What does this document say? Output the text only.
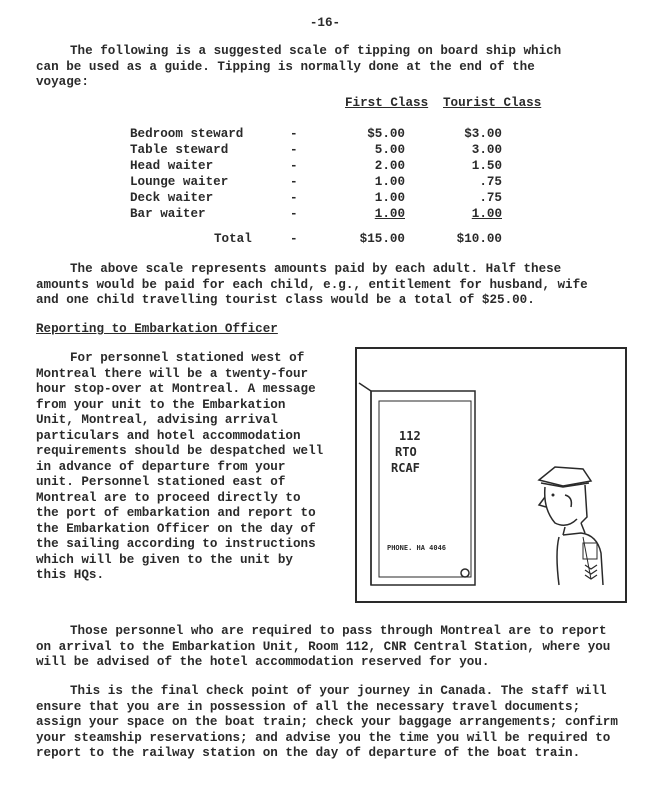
-16-
The following is a suggested scale of tipping on board ship which can be used as a guide. Tipping is normally done at the end of the voyage:
First Class Tourist Class
Bedroom steward	-	$5.00	$3.00
Table steward	-	5.00	3.00
Head waiter	-	2.00	1.50
Lounge waiter	-	1.00	.75
Deck waiter	-	1.00	.75
Bar waiter	-	1.00	1.00
Total	-	$15.00	$10.00
The above scale represents amounts paid by each adult. Half these amounts would be paid for each child, e.g., entitlement for husband, wife and one child travelling tourist class would be a total of $25.00.
Reporting to Embarkation Officer
For personnel stationed west of Montreal there will be a twenty-four hour stop-over at Montreal. A message from your unit to the Embarkation Unit, Montreal, advising arrival particulars and hotel accommodation requirements should be despatched well in advance of departure from your unit. Personnel stationed east of Montreal are to proceed directly to the port of embarkation and report to the Embarkation Officer on the day of the sailing according to instructions which will be given to the unit by this HQs.
112
RTO
RCAF
PHONE. HA 4046
Those personnel who are required to pass through Montreal are to report on arrival to the Embarkation Unit, Room 112, CNR Central Station, where you will be advised of the hotel accommodation reserved for you.
This is the final check point of your journey in Canada. The staff will ensure that you are in possession of all the necessary travel documents; assign your space on the boat train; check your baggage arrangements; confirm your steamship reservations; and advise you the time you will be required to report to the railway station on the day of departure of the boat train.
